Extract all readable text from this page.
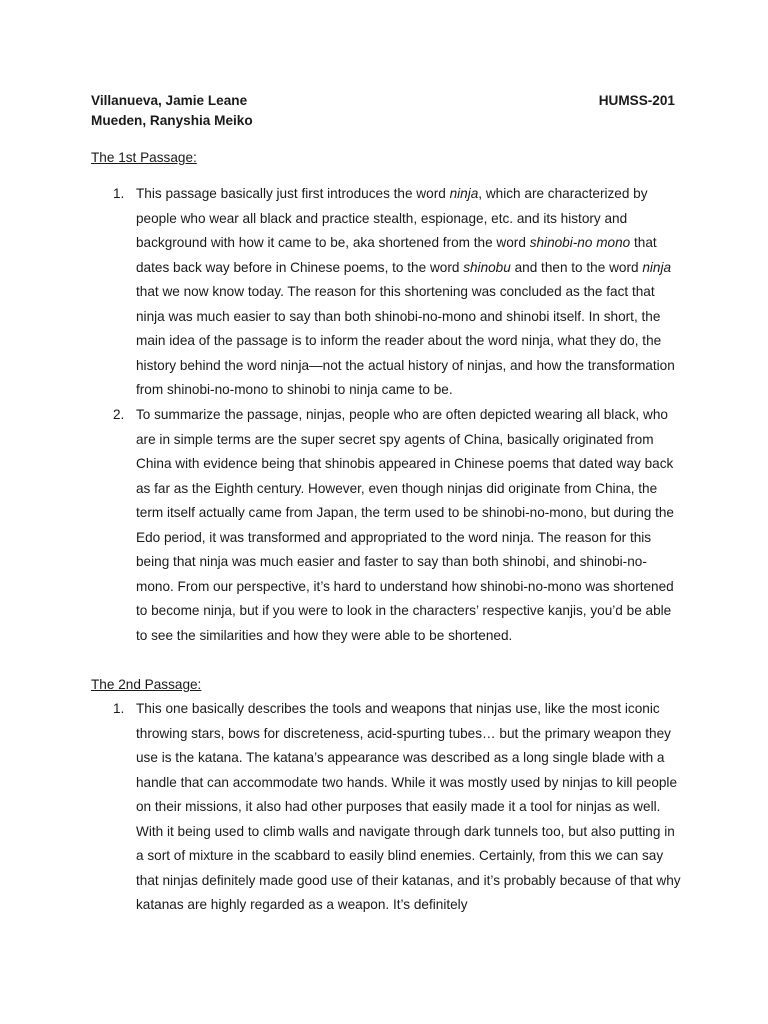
Villanueva, Jamie Leane	HUMSS-201
Mueden, Ranyshia Meiko
The 1st Passage:
1. This passage basically just first introduces the word ninja, which are characterized by people who wear all black and practice stealth, espionage, etc. and its history and background with how it came to be, aka shortened from the word shinobi-no mono that dates back way before in Chinese poems, to the word shinobu and then to the word ninja that we now know today. The reason for this shortening was concluded as the fact that ninja was much easier to say than both shinobi-no-mono and shinobi itself. In short, the main idea of the passage is to inform the reader about the word ninja, what they do, the history behind the word ninja—not the actual history of ninjas, and how the transformation from shinobi-no-mono to shinobi to ninja came to be.
2. To summarize the passage, ninjas, people who are often depicted wearing all black, who are in simple terms are the super secret spy agents of China, basically originated from China with evidence being that shinobis appeared in Chinese poems that dated way back as far as the Eighth century. However, even though ninjas did originate from China, the term itself actually came from Japan, the term used to be shinobi-no-mono, but during the Edo period, it was transformed and appropriated to the word ninja. The reason for this being that ninja was much easier and faster to say than both shinobi, and shinobi-no-mono. From our perspective, it’s hard to understand how shinobi-no-mono was shortened to become ninja, but if you were to look in the characters’ respective kanjis, you’d be able to see the similarities and how they were able to be shortened.
The 2nd Passage:
1. This one basically describes the tools and weapons that ninjas use, like the most iconic throwing stars, bows for discreteness, acid-spurting tubes… but the primary weapon they use is the katana. The katana’s appearance was described as a long single blade with a handle that can accommodate two hands. While it was mostly used by ninjas to kill people on their missions, it also had other purposes that easily made it a tool for ninjas as well. With it being used to climb walls and navigate through dark tunnels too, but also putting in a sort of mixture in the scabbard to easily blind enemies. Certainly, from this we can say that ninjas definitely made good use of their katanas, and it’s probably because of that why katanas are highly regarded as a weapon. It’s definitely
